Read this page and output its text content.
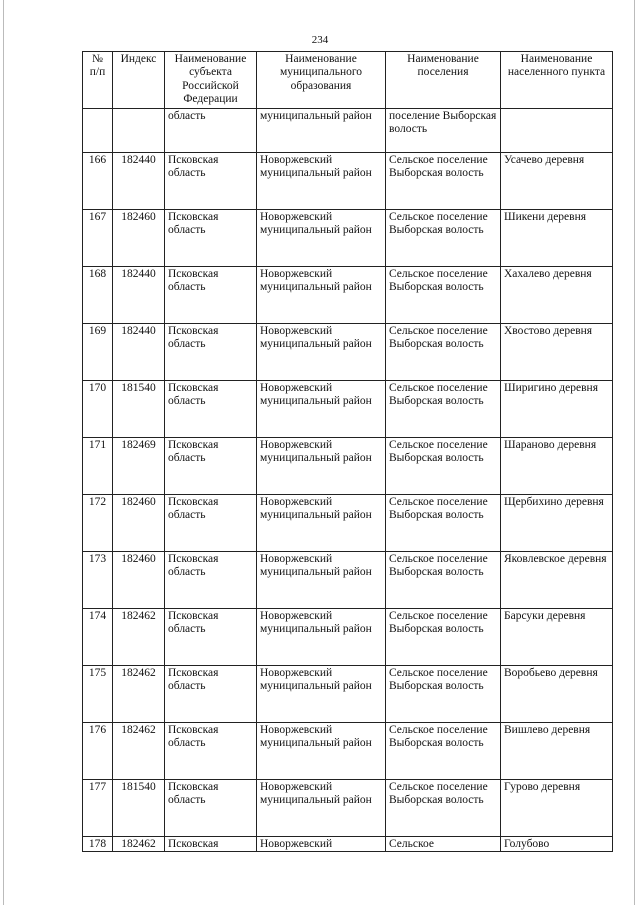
234
№ п/п	Индекс	Наименование субъекта Российской Федерации	Наименование муниципального образования	Наименование поселения	Наименование населенного пункта
		область	муниципальный район	поселение Выборская волость	
166	182440	Псковская область	Новоржевский муниципальный район	Сельское поселение Выборская волость	Усачево деревня
167	182460	Псковская область	Новоржевский муниципальный район	Сельское поселение Выборская волость	Шикени деревня
168	182440	Псковская область	Новоржевский муниципальный район	Сельское поселение Выборская волость	Хахалево деревня
169	182440	Псковская область	Новоржевский муниципальный район	Сельское поселение Выборская волость	Хвостово деревня
170	181540	Псковская область	Новоржевский муниципальный район	Сельское поселение Выборская волость	Ширигино деревня
171	182469	Псковская область	Новоржевский муниципальный район	Сельское поселение Выборская волость	Шараново деревня
172	182460	Псковская область	Новоржевский муниципальный район	Сельское поселение Выборская волость	Щербихино деревня
173	182460	Псковская область	Новоржевский муниципальный район	Сельское поселение Выборская волость	Яковлевское деревня
174	182462	Псковская область	Новоржевский муниципальный район	Сельское поселение Выборская волость	Барсуки деревня
175	182462	Псковская область	Новоржевский муниципальный район	Сельское поселение Выборская волость	Воробьево деревня
176	182462	Псковская область	Новоржевский муниципальный район	Сельское поселение Выборская волость	Вишлево деревня
177	181540	Псковская область	Новоржевский муниципальный район	Сельское поселение Выборская волость	Гурово деревня
178	182462	Псковская	Новоржевский	Сельское	Голубово
